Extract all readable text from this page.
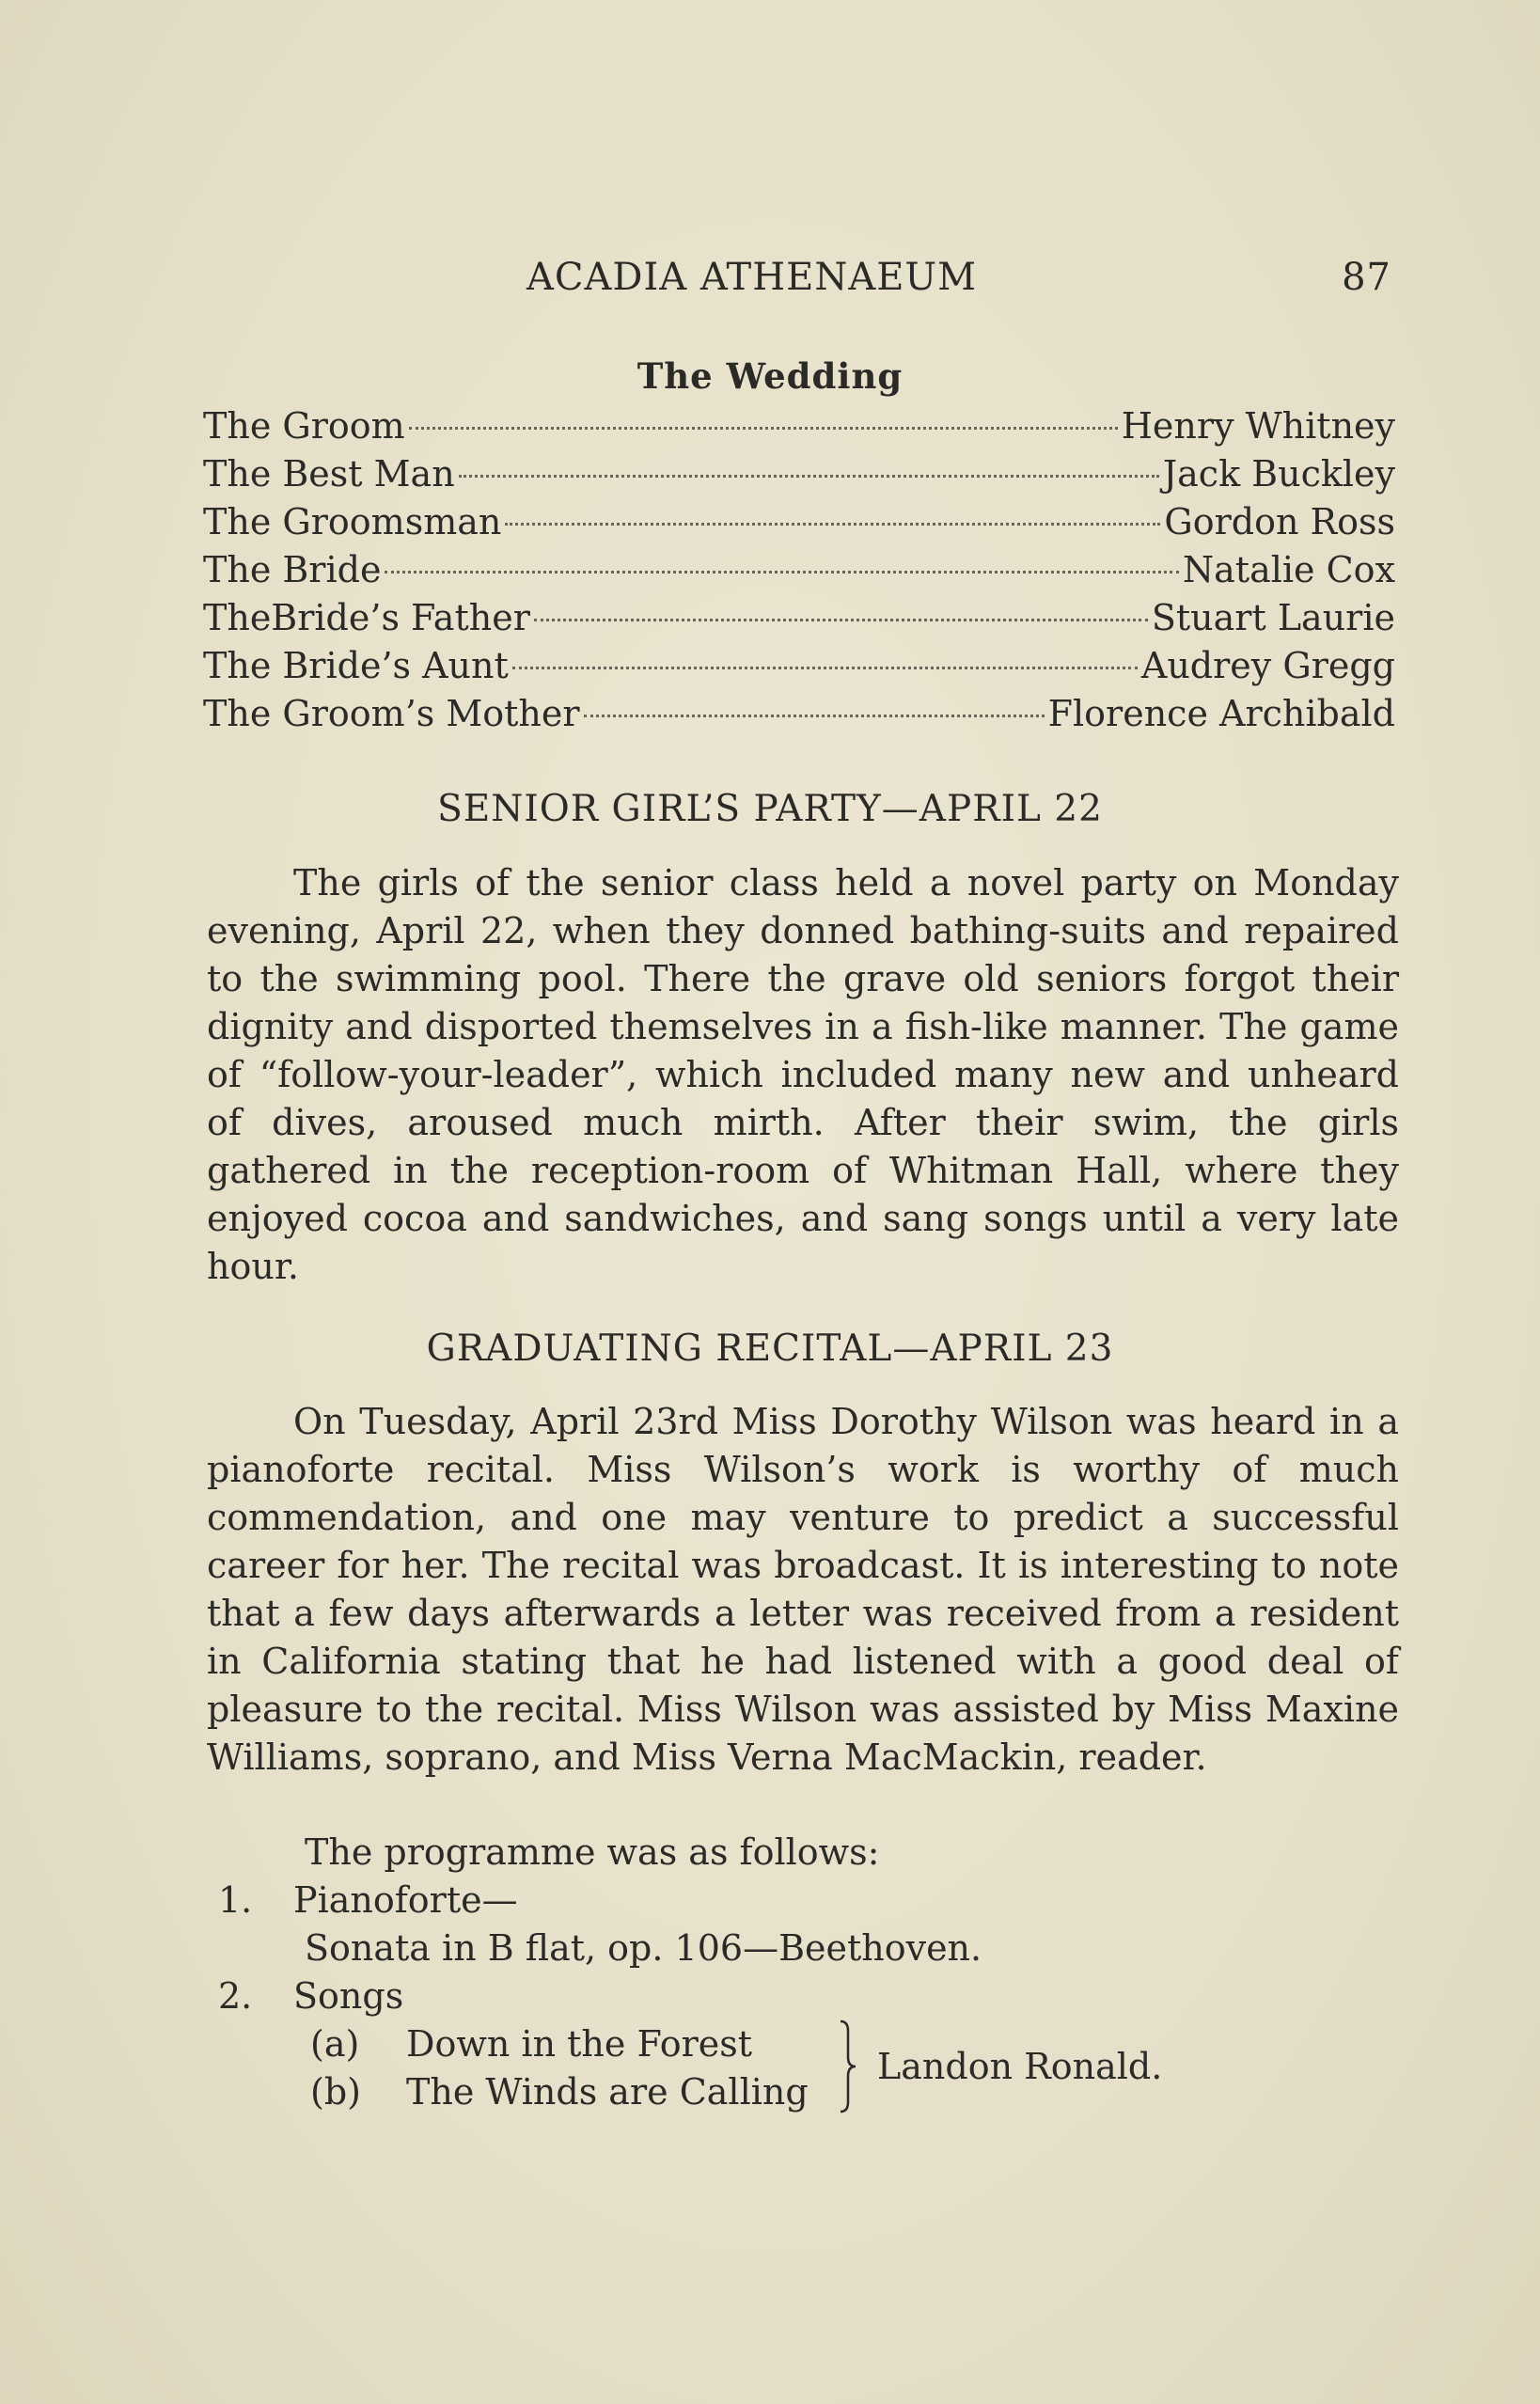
ACADIA ATHENAEUM	87
The Wedding
The Groom	Henry Whitney
The Best Man	Jack Buckley
The Groomsman	Gordon Ross
The Bride	Natalie Cox
TheBride’s Father	Stuart Laurie
The Bride’s Aunt	Audrey Gregg
The Groom’s Mother	Florence Archibald
SENIOR GIRL’S PARTY—APRIL 22

The girls of the senior class held a novel party on Monday evening, April 22, when they donned bathing-suits and repaired to the swimming pool. There the grave old seniors forgot their dignity and disported themselves in a fish-like manner. The game of “follow-your-leader”, which included many new and unheard of dives, aroused much mirth. After their swim, the girls gathered in the reception-room of Whitman Hall, where they enjoyed cocoa and sandwiches, and sang songs until a very late hour.

GRADUATING RECITAL—APRIL 23

On Tuesday, April 23rd Miss Dorothy Wilson was heard in a pianoforte recital. Miss Wilson’s work is worthy of much commendation, and one may venture to predict a successful career for her. The recital was broadcast. It is interesting to note that a few days afterwards a letter was received from a resident in California stating that he had listened with a good deal of pleasure to the recital. Miss Wilson was assisted by Miss Maxine Williams, soprano, and Miss Verna MacMackin, reader.

The programme was as follows:
1. Pianoforte—
Sonata in B flat, op. 106—Beethoven.
2. Songs
(a) Down in the Forest
(b) The Winds are Calling
Landon Ronald.
